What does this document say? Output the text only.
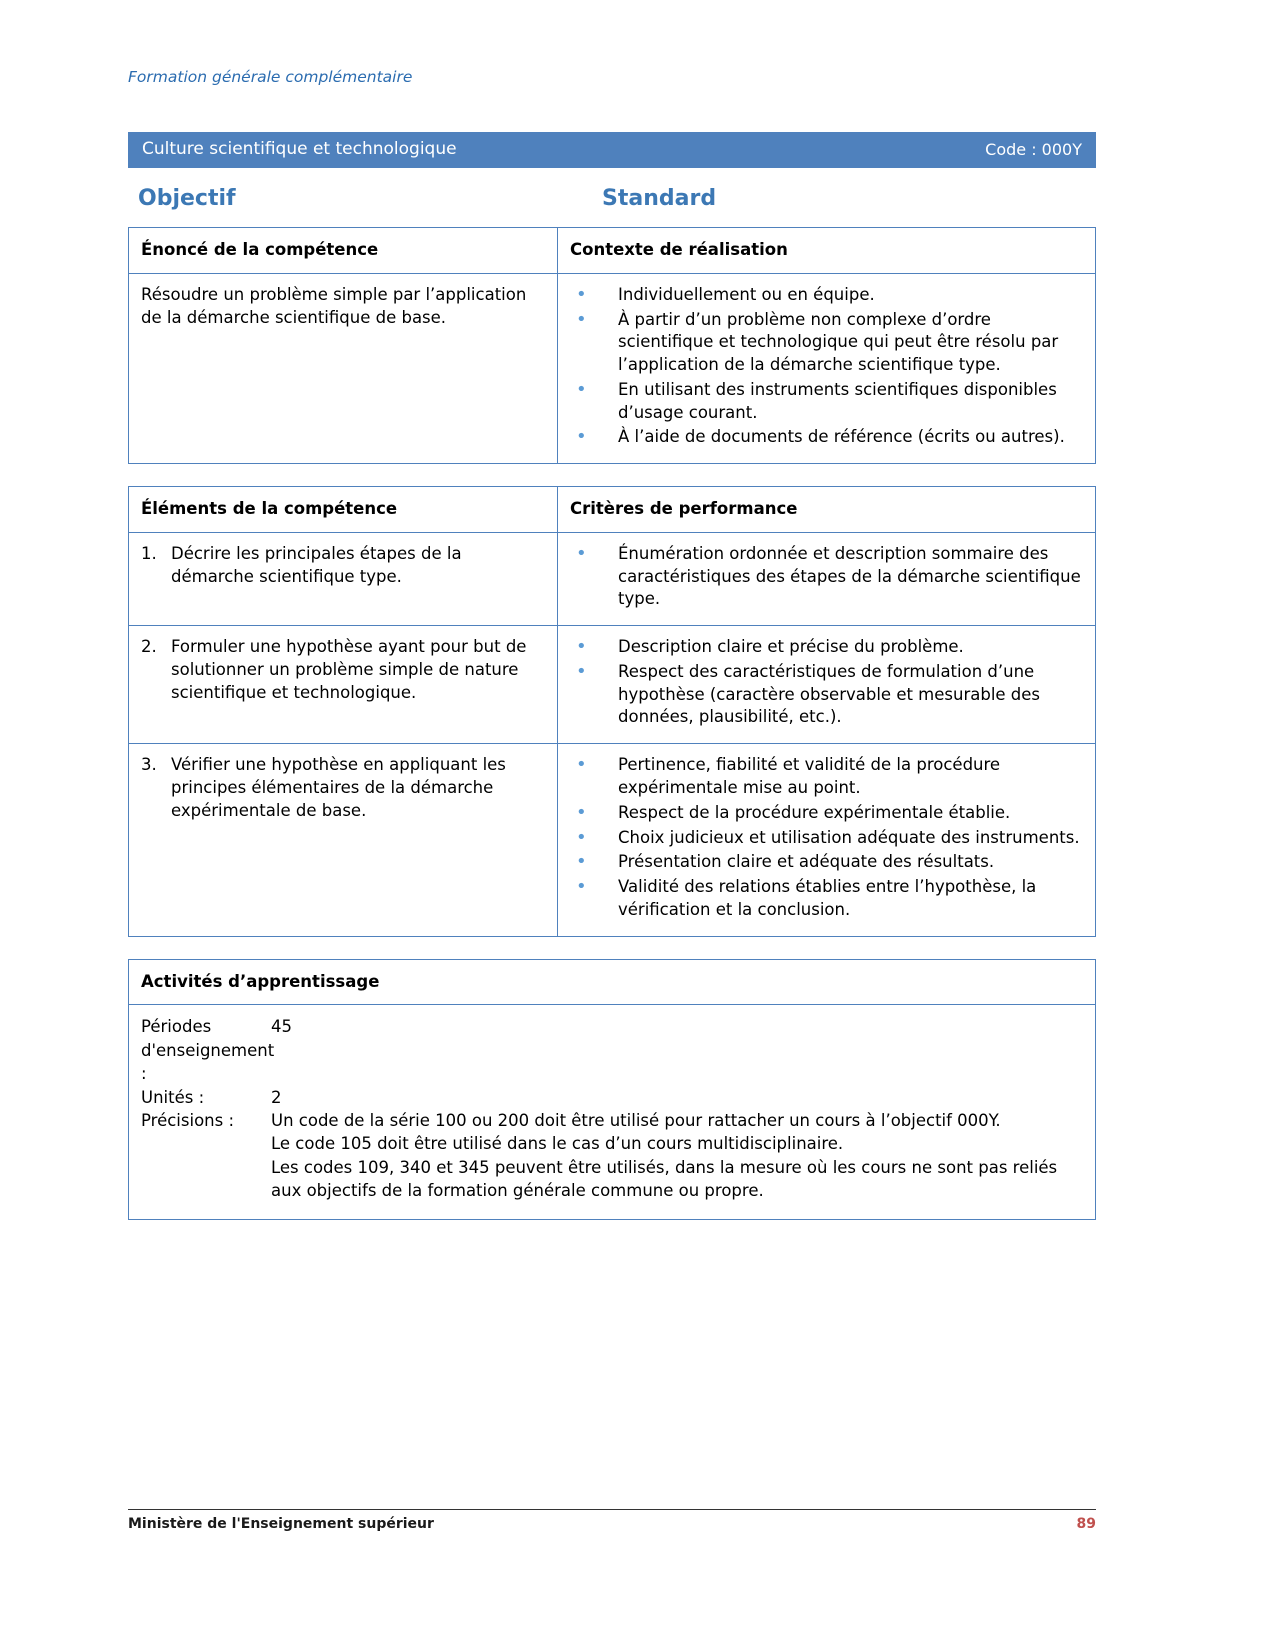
Formation générale complémentaire
Culture scientifique et technologique	Code : 000Y
Objectif	Standard
Énoncé de la compétence	Contexte de réalisation

Résoudre un problème simple par l’application de la démarche scientifique de base.

• Individuellement ou en équipe.
• À partir d’un problème non complexe d’ordre scientifique et technologique qui peut être résolu par l’application de la démarche scientifique type.
• En utilisant des instruments scientifiques disponibles d’usage courant.
• À l’aide de documents de référence (écrits ou autres).
Éléments de la compétence	Critères de performance

1. Décrire les principales étapes de la démarche scientifique type.

• Énumération ordonnée et description sommaire des caractéristiques des étapes de la démarche scientifique type.

2. Formuler une hypothèse ayant pour but de solutionner un problème simple de nature scientifique et technologique.

• Description claire et précise du problème.
• Respect des caractéristiques de formulation d’une hypothèse (caractère observable et mesurable des données, plausibilité, etc.).

3. Vérifier une hypothèse en appliquant les principes élémentaires de la démarche expérimentale de base.

• Pertinence, fiabilité et validité de la procédure expérimentale mise au point.
• Respect de la procédure expérimentale établie.
• Choix judicieux et utilisation adéquate des instruments.
• Présentation claire et adéquate des résultats.
• Validité des relations établies entre l’hypothèse, la vérification et la conclusion.
Activités d’apprentissage

Périodes d'enseignement :
45
Unités :	2
Précisions :	Un code de la série 100 ou 200 doit être utilisé pour rattacher un cours à l’objectif 000Y.
Le code 105 doit être utilisé dans le cas d’un cours multidisciplinaire.
Les codes 109, 340 et 345 peuvent être utilisés, dans la mesure où les cours ne sont pas reliés aux objectifs de la formation générale commune ou propre.
Ministère de l'Enseignement supérieur	89
